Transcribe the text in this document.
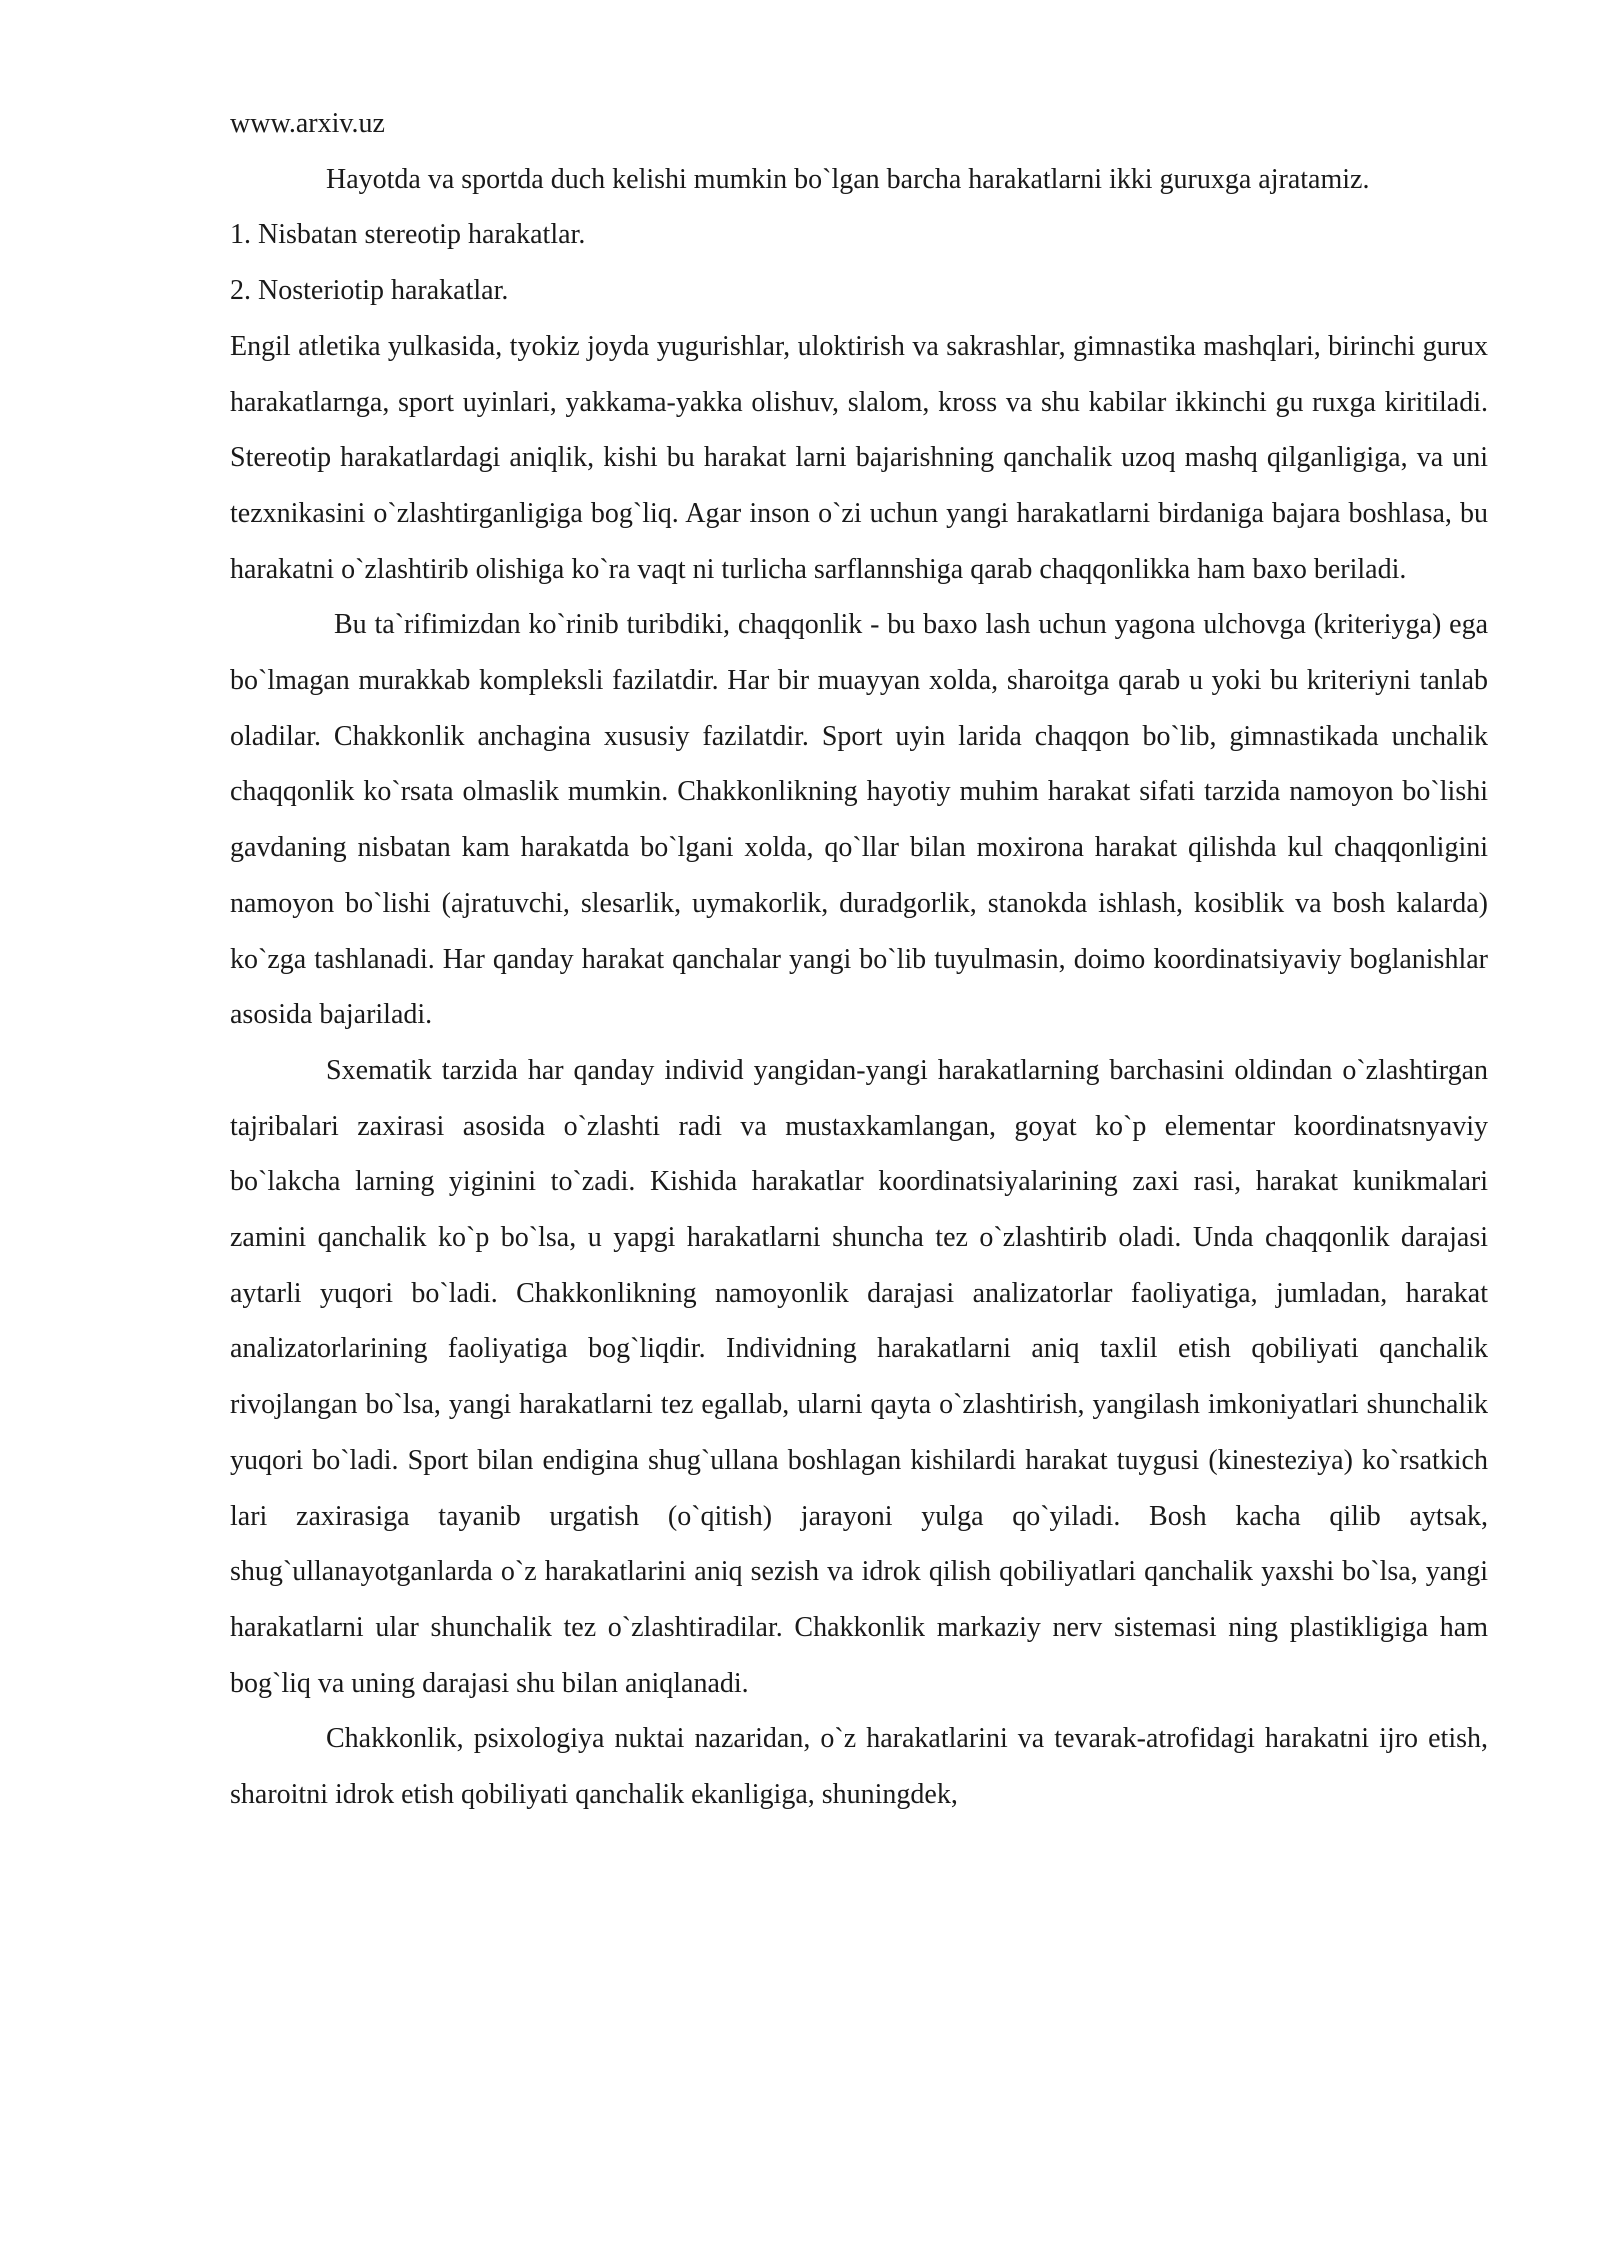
www.arxiv.uz

Hayotda va sportda duch kelishi mumkin bo`lgan barcha harakatlarni ikki guruxga ajratamiz.

1. Nisbatan stereotip harakatlar.

2. Nosteriotip harakatlar.

Engil atletika yulkasida, tyokiz joyda yugurishlar, uloktirish va sakrashlar, gimnastika mashqlari, birinchi gurux harakatlarnga, sport uyinlari, yakkama-yakka olishuv, slalom, kross va shu kabilar ikkinchi gu ruxga kiritiladi. Stereotip harakatlardagi aniqlik, kishi bu harakat larni bajarishning qanchalik uzoq mashq qilganligiga, va uni tezxnikasini o`zlashtirganligiga bog`liq. Agar inson o`zi uchun yangi harakatlarni birdaniga bajara boshlasa, bu harakatni o`zlashtirib olishiga ko`ra vaqt ni turlicha sarflannshiga qarab chaqqonlikka ham baxo beriladi.

Bu ta`rifimizdan ko`rinib turibdiki, chaqqonlik - bu baxo lash uchun yagona ulchovga (kriteriyga) ega bo`lmagan murakkab kompleksli fazilatdir. Har bir muayyan xolda, sharoitga qarab u yoki bu kriteriyni tanlab oladilar. Chakkonlik anchagina xususiy fazilatdir. Sport uyin larida chaqqon bo`lib, gimnastikada unchalik chaqqonlik ko`rsata olmaslik mumkin. Chakkonlikning hayotiy muhim harakat sifati tarzida namoyon bo`lishi gavdaning nisbatan kam harakatda bo`lgani xolda, qo`llar bilan moxirona harakat qilishda kul chaqqonligini namoyon bo`lishi (ajratuvchi, slesarlik, uymakorlik, duradgorlik, stanokda ishlash, kosiblik va bosh kalarda) ko`zga tashlanadi. Har qanday harakat qanchalar yangi bo`lib tuyulmasin, doimo koordinatsiyaviy boglanishlar asosida bajariladi.

Sxematik tarzida har qanday individ yangidan-yangi harakatlarning barchasini oldindan o`zlashtirgan tajribalari zaxirasi asosida o`zlashti radi va mustaxkamlangan, goyat ko`p elementar koordinatsnyaviy bo`lakcha larning yiginini to`zadi. Kishida harakatlar koordinatsiyalarining zaxi rasi, harakat kunikmalari zamini qanchalik ko`p bo`lsa, u yapgi harakatlarni shuncha tez o`zlashtirib oladi. Unda chaqqonlik darajasi aytarli yuqori bo`ladi. Chakkonlikning namoyonlik darajasi analizatorlar faoliyatiga, jumladan, harakat analizatorlarining faoliyatiga bog`liqdir. Individning harakatlarni aniq taxlil etish qobiliyati qanchalik rivojlangan bo`lsa, yangi harakatlarni tez egallab, ularni qayta o`zlashtirish, yangilash imkoniyatlari shunchalik yuqori bo`ladi. Sport bilan endigina shug`ullana boshlagan kishilardi harakat tuygusi (kinesteziya) ko`rsatkich lari zaxirasiga tayanib urgatish (o`qitish) jarayoni yulga qo`yiladi. Bosh kacha qilib aytsak, shug`ullanayotganlarda o`z harakatlarini aniq sezish va idrok qilish qobiliyatlari qanchalik yaxshi bo`lsa, yangi harakatlarni ular shunchalik tez o`zlashtiradilar. Chakkonlik markaziy nerv sistemasi ning plastikligiga ham bog`liq va uning darajasi shu bilan aniqlanadi.

Chakkonlik, psixologiya nuktai nazaridan, o`z harakatlarini va tevarak-atrofidagi harakatni ijro etish, sharoitni idrok etish qobiliyati qanchalik ekanligiga, shuningdek,
